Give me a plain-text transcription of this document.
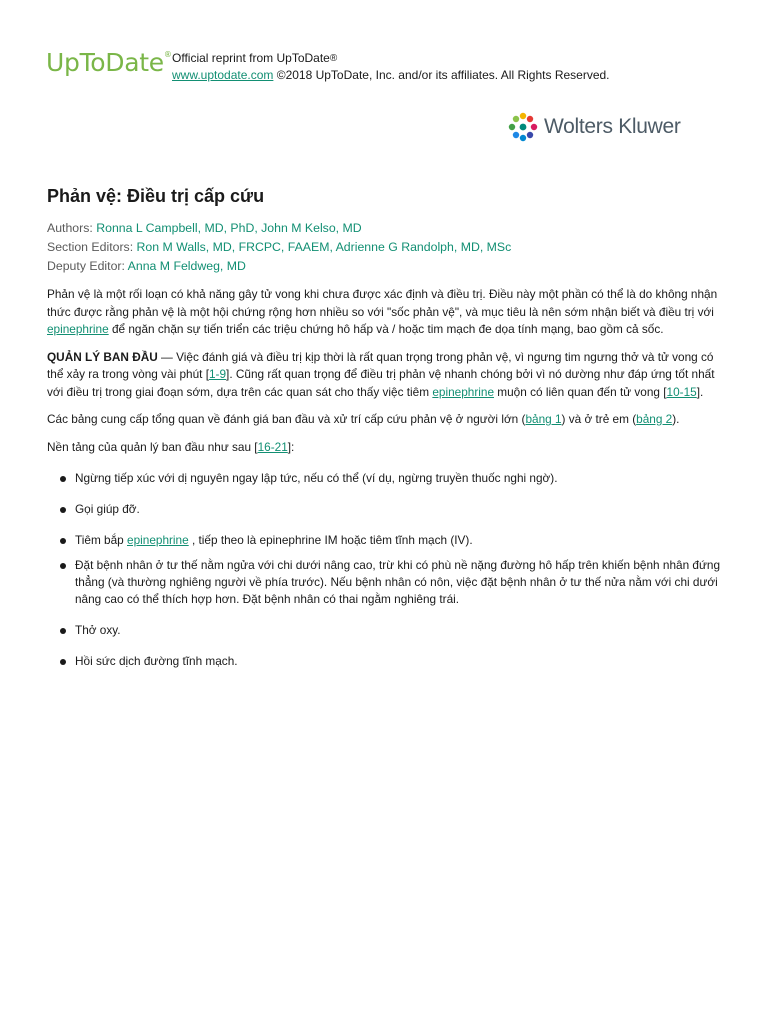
UpToDate® Official reprint from UpToDate®
www.uptodate.com ©2018 UpToDate, Inc. and/or its affiliates. All Rights Reserved.
Wolters Kluwer
Phản vệ: Điều trị cấp cứu
Authors: Ronna L Campbell, MD, PhD, John M Kelso, MD
Section Editors: Ron M Walls, MD, FRCPC, FAAEM, Adrienne G Randolph, MD, MSc
Deputy Editor: Anna M Feldweg, MD

Phản vệ là một rối loạn có khả năng gây tử vong khi chưa được xác định và điều trị. Điều này một phần có thể là do không nhận thức được rằng phản vệ là một hội chứng rộng hơn nhiều so với "sốc phản vệ", và mục tiêu là nên sớm nhận biết và điều trị với epinephrine để ngăn chặn sự tiến triển các triệu chứng hô hấp và / hoặc tim mạch đe dọa tính mạng, bao gồm cả sốc.

QUẢN LÝ BAN ĐẦU — Việc đánh giá và điều trị kịp thời là rất quan trọng trong phản vệ, vì ngưng tim ngưng thở và tử vong có thể xảy ra trong vòng vài phút [1-9]. Cũng rất quan trọng để điều trị phản vệ nhanh chóng bởi vì nó dường như đáp ứng tốt nhất với điều trị trong giai đoạn sớm, dựa trên các quan sát cho thấy việc tiêm epinephrine muộn có liên quan đến tử vong [10-15].

Các bảng cung cấp tổng quan về đánh giá ban đầu và xử trí cấp cứu phản vệ ở người lớn (bảng 1) và ở trẻ em (bảng 2).

Nền tảng của quản lý ban đầu như sau [16-21]:

Ngừng tiếp xúc với dị nguyên ngay lập tức, nếu có thể (ví dụ, ngừng truyền thuốc nghi ngờ).
Gọi giúp đỡ.
Tiêm bắp epinephrine , tiếp theo là epinephrine IM hoặc tiêm tĩnh mạch (IV).
Đặt bệnh nhân ở tư thế nằm ngửa với chi dưới nâng cao, trừ khi có phù nề nặng đường hô hấp trên khiến bệnh nhân đứng thẳng (và thường nghiêng người về phía trước). Nếu bệnh nhân có nôn, việc đặt bệnh nhân ở tư thế nửa nằm với chi dưới nâng cao có thể thích hợp hơn. Đặt bệnh nhân có thai ngằm nghiêng trái.
Thở oxy.
Hồi sức dịch đường tĩnh mạch.
